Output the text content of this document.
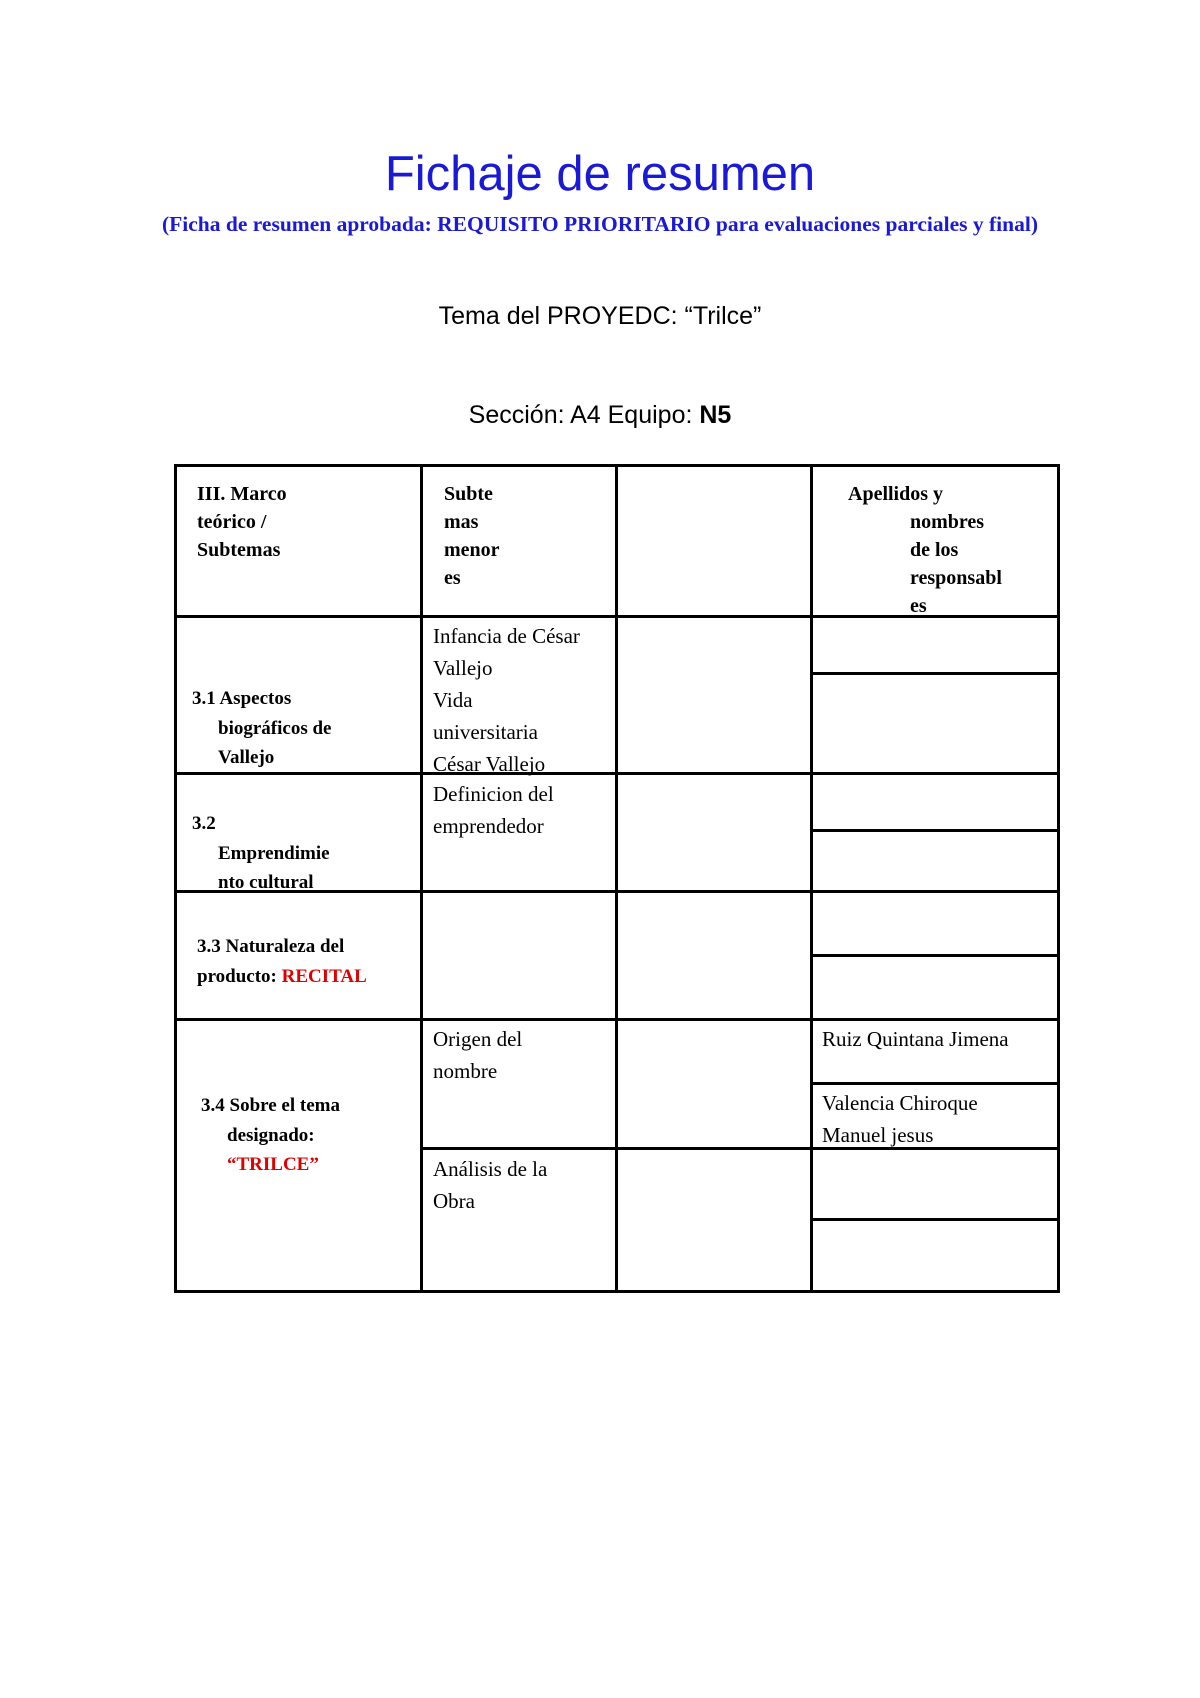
Fichaje de resumen
(Ficha de resumen aprobada: REQUISITO PRIORITARIO para evaluaciones parciales y final)
Tema del PROYEDC: “Trilce”
Sección: A4 Equipo: N5
III. Marco
teórico /
Subtemas
Subte
mas
menor
es
Apellidos y
nombres
de los
responsabl
es
3.1 Aspectos
biográficos de
Vallejo
Infancia de César
Vallejo
Vida
universitaria
César Vallejo
3.2
Emprendimie
nto cultural
Definicion del
emprendedor
3.3 Naturaleza del
producto: RECITAL
3.4 Sobre el tema
designado:
“TRILCE”
Origen del
nombre
Análisis de la
Obra
Ruiz Quintana Jimena
Valencia Chiroque
Manuel jesus
